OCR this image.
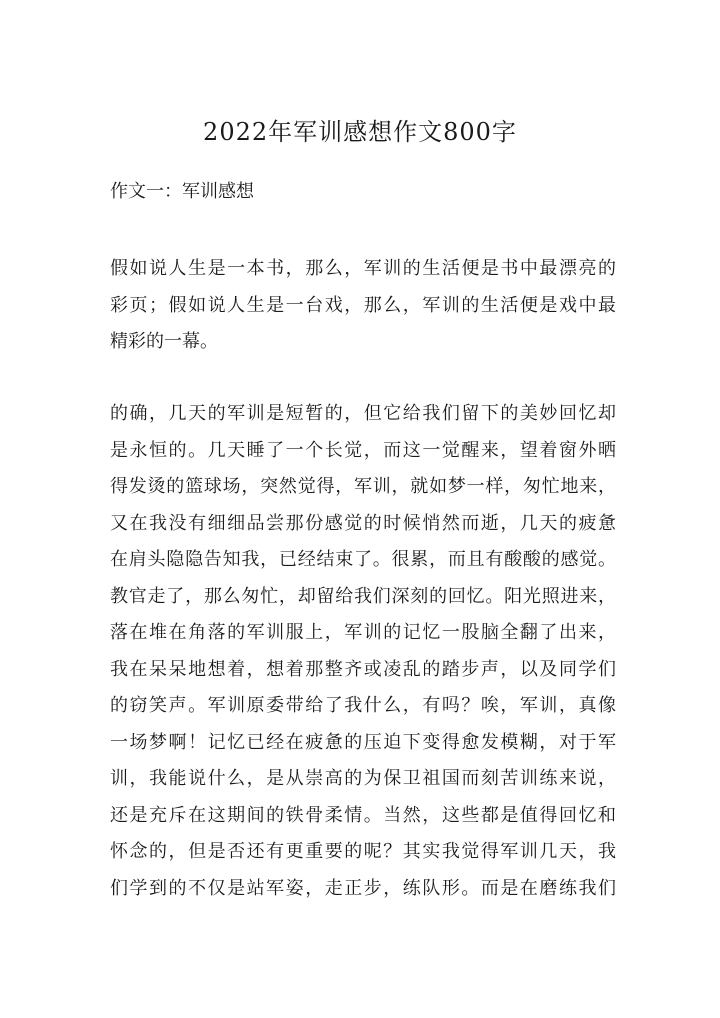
2022年军训感想作文800字

作文一：军训感想

假如说人生是一本书，那么，军训的生活便是书中最漂亮的
彩页；假如说人生是一台戏，那么，军训的生活便是戏中最
精彩的一幕。
的确，几天的军训是短暂的，但它给我们留下的美妙回忆却
是永恒的。几天睡了一个长觉，而这一觉醒来，望着窗外晒
得发烫的篮球场，突然觉得，军训，就如梦一样，匆忙地来，
又在我没有细细品尝那份感觉的时候悄然而逝，几天的疲惫
在肩头隐隐告知我，已经结束了。很累，而且有酸酸的感觉。
教官走了，那么匆忙，却留给我们深刻的回忆。阳光照进来，
落在堆在角落的军训服上，军训的记忆一股脑全翻了出来，
我在呆呆地想着，想着那整齐或凌乱的踏步声，以及同学们
的窃笑声。军训原委带给了我什么，有吗？唉，军训，真像
一场梦啊！记忆已经在疲惫的压迫下变得愈发模糊，对于军
训，我能说什么，是从崇高的为保卫祖国而刻苦训练来说，
还是充斥在这期间的铁骨柔情。当然，这些都是值得回忆和
怀念的，但是否还有更重要的呢？其实我觉得军训几天，我
们学到的不仅是站军姿，走正步，练队形。而是在磨练我们
